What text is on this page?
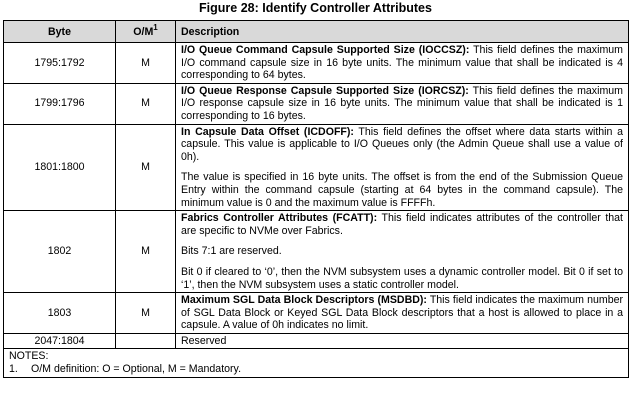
Figure 28: Identify Controller Attributes
Byte	$O/M^1$	Description
1795:1792	M	I/O Queue Command Capsule Supported Size (IOCCSZ): This field defines the maximum I/O command capsule size in 16 byte units. The minimum value that shall be indicated is 4 corresponding to 64 bytes.
1799:1796	M	I/O Queue Response Capsule Supported Size (IORCSZ): This field defines the maximum I/O response capsule size in 16 byte units. The minimum value that shall be indicated is 1 corresponding to 16 bytes.
1801:1800	M	In Capsule Data Offset (ICDOFF): This field defines the offset where data starts within a capsule. This value is applicable to I/O Queues only (the Admin Queue shall use a value of 0h).
The value is specified in 16 byte units. The offset is from the end of the Submission Queue Entry within the command capsule (starting at 64 bytes in the command capsule). The minimum value is 0 and the maximum value is FFFFh.

1802	M	Fabrics Controller Attributes (FCATT): This field indicates attributes of the controller that are specific to NVMe over Fabrics.
Bits 7:1 are reserved.
Bit 0 if cleared to ‘0’, then the NVM subsystem uses a dynamic controller model. Bit 0 if set to ‘1’, then the NVM subsystem uses a static controller model.

1803	M	Maximum SGL Data Block Descriptors (MSDBD): This field indicates the maximum number of SGL Data Block or Keyed SGL Data Block descriptors that a host is allowed to place in a capsule. A value of 0h indicates no limit.
2047:1804		Reserved

NOTES:
1. O/M definition: O = Optional, M = Mandatory.		
